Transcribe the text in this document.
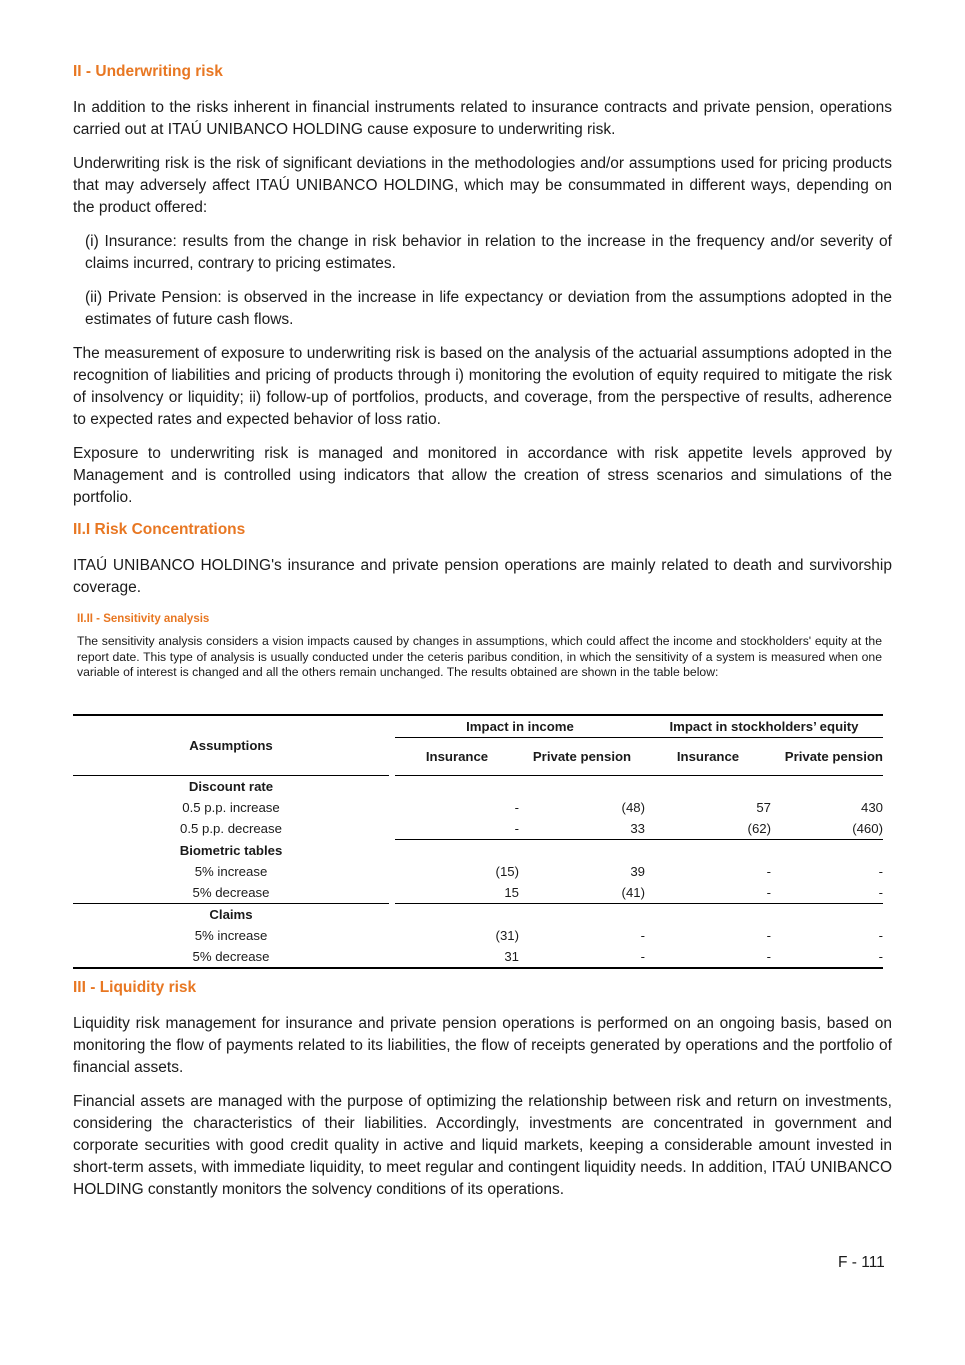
II - Underwriting risk

In addition to the risks inherent in financial instruments related to insurance contracts and private pension, operations carried out at ITAÚ UNIBANCO HOLDING cause exposure to underwriting risk.

Underwriting risk is the risk of significant deviations in the methodologies and/or assumptions used for pricing products that may adversely affect ITAÚ UNIBANCO HOLDING, which may be consummated in different ways, depending on the product offered:

(i) Insurance: results from the change in risk behavior in relation to the increase in the frequency and/or severity of claims incurred, contrary to pricing estimates.

(ii) Private Pension: is observed in the increase in life expectancy or deviation from the assumptions adopted in the estimates of future cash flows.

The measurement of exposure to underwriting risk is based on the analysis of the actuarial assumptions adopted in the recognition of liabilities and pricing of products through i) monitoring the evolution of equity required to mitigate the risk of insolvency or liquidity; ii) follow-up of portfolios, products, and coverage, from the perspective of results, adherence to expected rates and expected behavior of loss ratio.

Exposure to underwriting risk is managed and monitored in accordance with risk appetite levels approved by Management and is controlled using indicators that allow the creation of stress scenarios and simulations of the portfolio.

II.I Risk Concentrations

ITAÚ UNIBANCO HOLDING's insurance and private pension operations are mainly related to death and survivorship coverage.

II.II - Sensitivity analysis

The sensitivity analysis considers a vision impacts caused by changes in assumptions, which could affect the income and stockholders' equity at the report date. This type of analysis is usually conducted under the ceteris paribus condition, in which the sensitivity of a system is measured when one variable of interest is changed and all the others remain unchanged. The results obtained are shown in the table below:

III - Liquidity risk

Liquidity risk management for insurance and private pension operations is performed on an ongoing basis, based on monitoring the flow of payments related to its liabilities, the flow of receipts generated by operations and the portfolio of financial assets.

Financial assets are managed with the purpose of optimizing the relationship between risk and return on investments, considering the characteristics of their liabilities. Accordingly, investments are concentrated in government and corporate securities with good credit quality in active and liquid markets, keeping a considerable amount invested in short-term assets, with immediate liquidity, to meet regular and contingent liquidity needs. In addition, ITAÚ UNIBANCO HOLDING constantly monitors the solvency conditions of its operations.

Assumptions		Impact in income		Impact in stockholders’ equity	
		Insurance	Private pension	Insurance	Private pension
Discount rate					
0.5 p.p. increase		-	(48)	57	430
0.5 p.p. decrease		-	33	(62)	(460)
Biometric tables					
5% increase		(15)	39	-	-
5% decrease		15	(41)	-	-
Claims					
5% increase		(31)	-	-	-
5% decrease		31	-	-	-
F - 111
